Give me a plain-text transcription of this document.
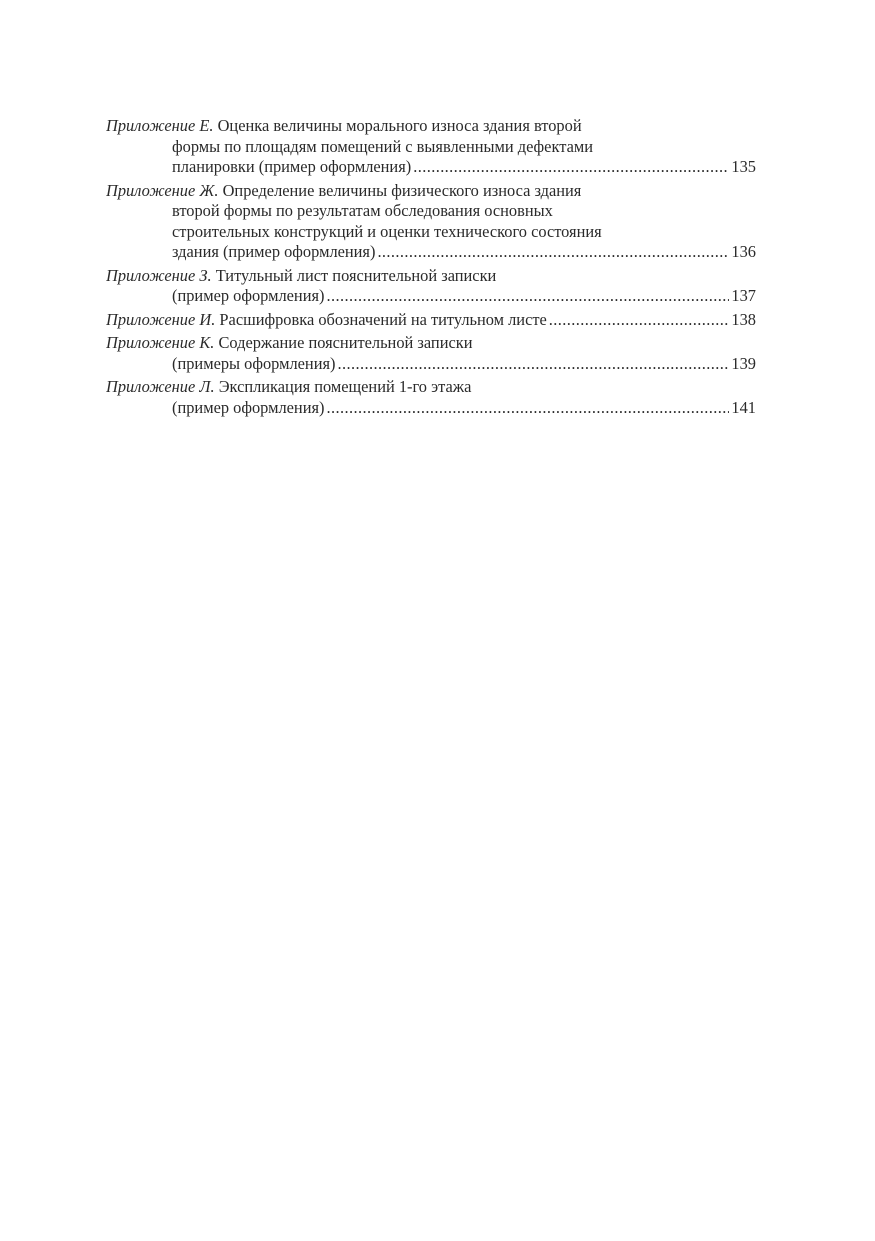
Приложение Е. Оценка величины морального износа здания второй
формы по площадям помещений с выявленными дефектами
планировки (пример оформления) .....	135
Приложение Ж. Определение величины физического износа здания
второй формы по результатам обследования основных
строительных конструкций и оценки технического состояния
здания (пример оформления) .....	136
Приложение З. Титульный лист пояснительной записки
(пример оформления) .....	137
Приложение И. Расшифровка обозначений на титульном листе .....	138
Приложение К. Содержание пояснительной записки
(примеры оформления) .....	139
Приложение Л. Экспликация помещений 1-го этажа
(пример оформления) .....	141
